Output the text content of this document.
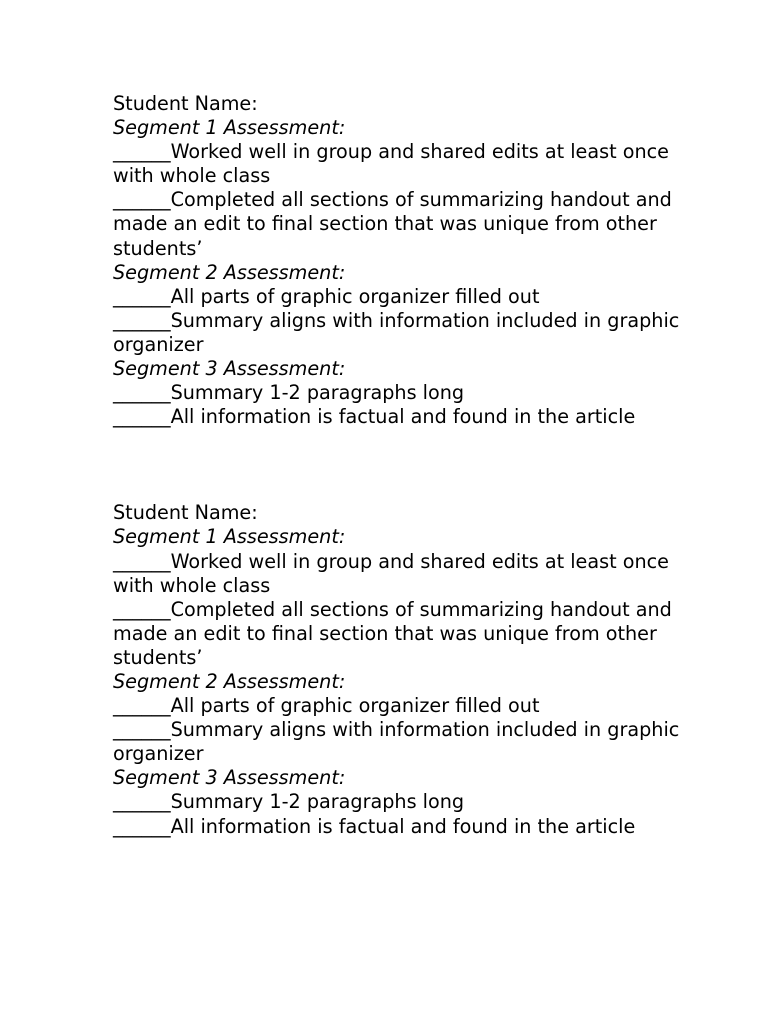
Student Name:
Segment 1 Assessment:
______Worked well in group and shared edits at least once with whole class
______Completed all sections of summarizing handout and made an edit to final section that was unique from other students’
Segment 2 Assessment:
______All parts of graphic organizer filled out
______Summary aligns with information included in graphic organizer
Segment 3 Assessment:
______Summary 1-2 paragraphs long
______All information is factual and found in the article
Student Name:
Segment 1 Assessment:
______Worked well in group and shared edits at least once with whole class
______Completed all sections of summarizing handout and made an edit to final section that was unique from other students’
Segment 2 Assessment:
______All parts of graphic organizer filled out
______Summary aligns with information included in graphic organizer
Segment 3 Assessment:
______Summary 1-2 paragraphs long
______All information is factual and found in the article
